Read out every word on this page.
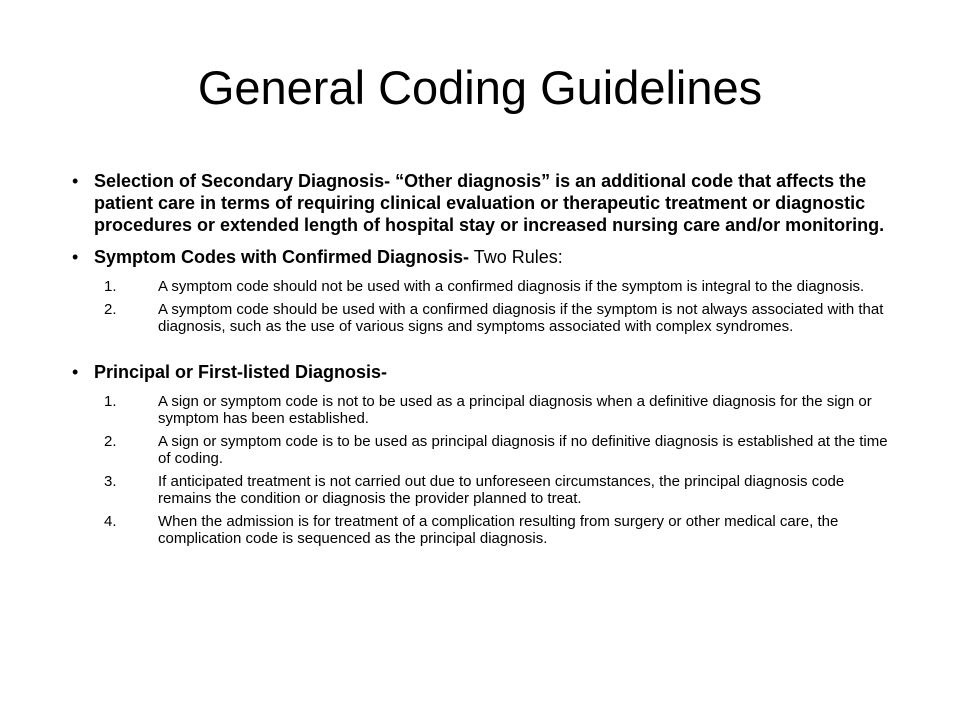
General Coding Guidelines
• Selection of Secondary Diagnosis- “Other diagnosis” is an additional code that affects the patient care in terms of requiring clinical evaluation or therapeutic treatment or diagnostic procedures or extended length of hospital stay or increased nursing care and/or monitoring.
• Symptom Codes with Confirmed Diagnosis- Two Rules:
1.	A symptom code should not be used with a confirmed diagnosis if the symptom is integral to the diagnosis.
2.	A symptom code should be used with a confirmed diagnosis if the symptom is not always associated with that diagnosis, such as the use of various signs and symptoms associated with complex syndromes.
• Principal or First-listed Diagnosis-
1.	A sign or symptom code is not to be used as a principal diagnosis when a definitive diagnosis for the sign or symptom has been established.
2.	A sign or symptom code is to be used as principal diagnosis if no definitive diagnosis is established at the time of coding.
3.	If anticipated treatment is not carried out due to unforeseen circumstances, the principal diagnosis code remains the condition or diagnosis the provider planned to treat.
4.	When the admission is for treatment of a complication resulting from surgery or other medical care, the complication code is sequenced as the principal diagnosis.
